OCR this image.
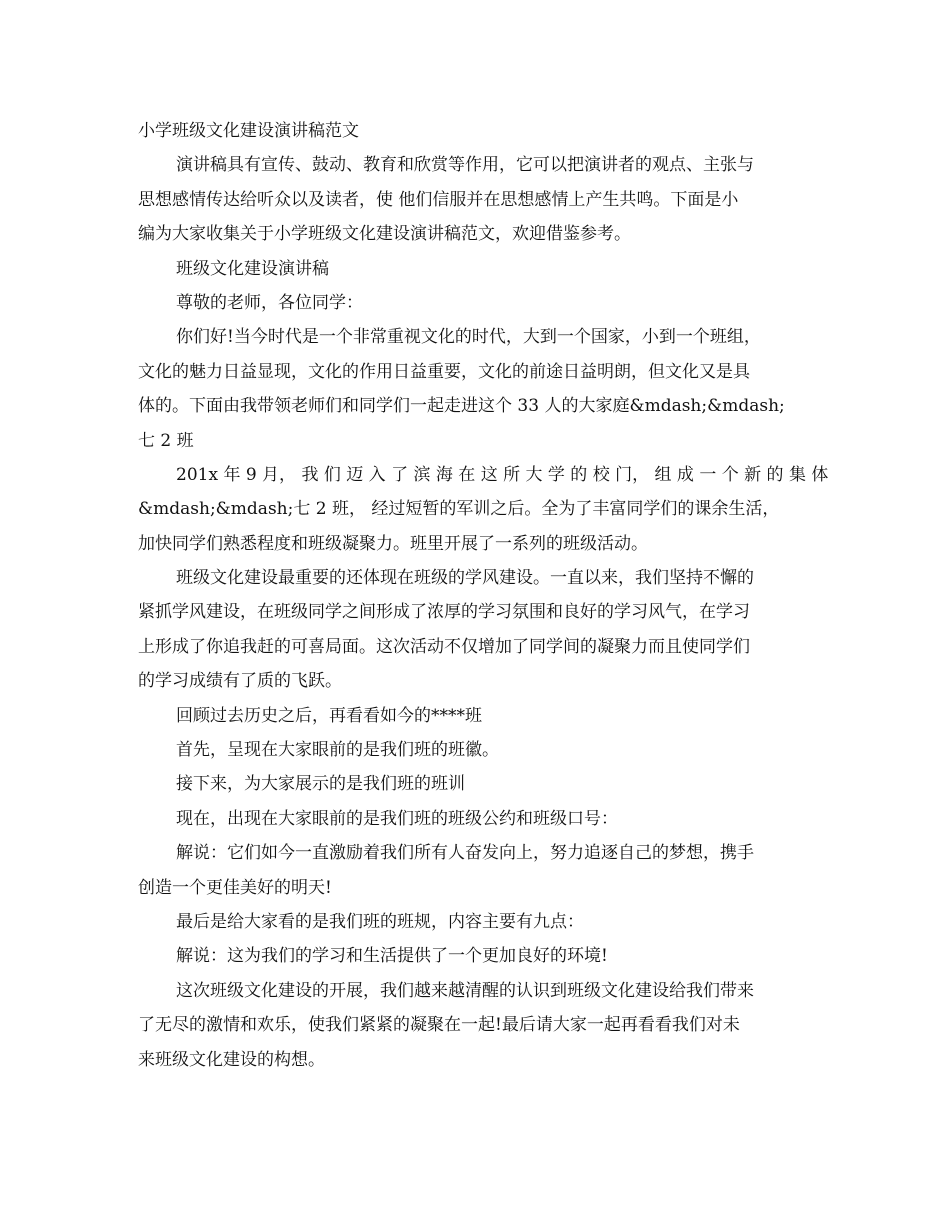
小学班级文化建设演讲稿范文
演讲稿具有宣传、鼓动、教育和欣赏等作用，它可以把演讲者的观点、主张与
思想感情传达给听众以及读者，使 他们信服并在思想感情上产生共鸣。下面是小
编为大家收集关于小学班级文化建设演讲稿范文，欢迎借鉴参考。
班级文化建设演讲稿
尊敬的老师，各位同学：
你们好!当今时代是一个非常重视文化的时代，大到一个国家，小到一个班组，
文化的魅力日益显现，文化的作用日益重要，文化的前途日益明朗，但文化又是具
体的。下面由我带领老师们和同学们一起走进这个 33 人的大家庭&mdash;&mdash;
七 2 班
201x 年 9 月， 我 们 迈 入 了 滨 海 在 这 所 大 学 的 校 门， 组 成 一 个 新 的 集 体
&mdash;&mdash;七 2 班， 经过短暂的军训之后。全为了丰富同学们的课余生活，
加快同学们熟悉程度和班级凝聚力。班里开展了一系列的班级活动。
班级文化建设最重要的还体现在班级的学风建设。一直以来，我们坚持不懈的
紧抓学风建设，在班级同学之间形成了浓厚的学习氛围和良好的学习风气，在学习
上形成了你追我赶的可喜局面。这次活动不仅增加了同学间的凝聚力而且使同学们
的学习成绩有了质的飞跃。
回顾过去历史之后，再看看如今的****班
首先，呈现在大家眼前的是我们班的班徽。
接下来，为大家展示的是我们班的班训
现在，出现在大家眼前的是我们班的班级公约和班级口号：
解说：它们如今一直激励着我们所有人奋发向上，努力追逐自己的梦想，携手
创造一个更佳美好的明天!
最后是给大家看的是我们班的班规，内容主要有九点：
解说：这为我们的学习和生活提供了一个更加良好的环境!
这次班级文化建设的开展，我们越来越清醒的认识到班级文化建设给我们带来
了无尽的激情和欢乐，使我们紧紧的凝聚在一起!最后请大家一起再看看我们对未
来班级文化建设的构想。
